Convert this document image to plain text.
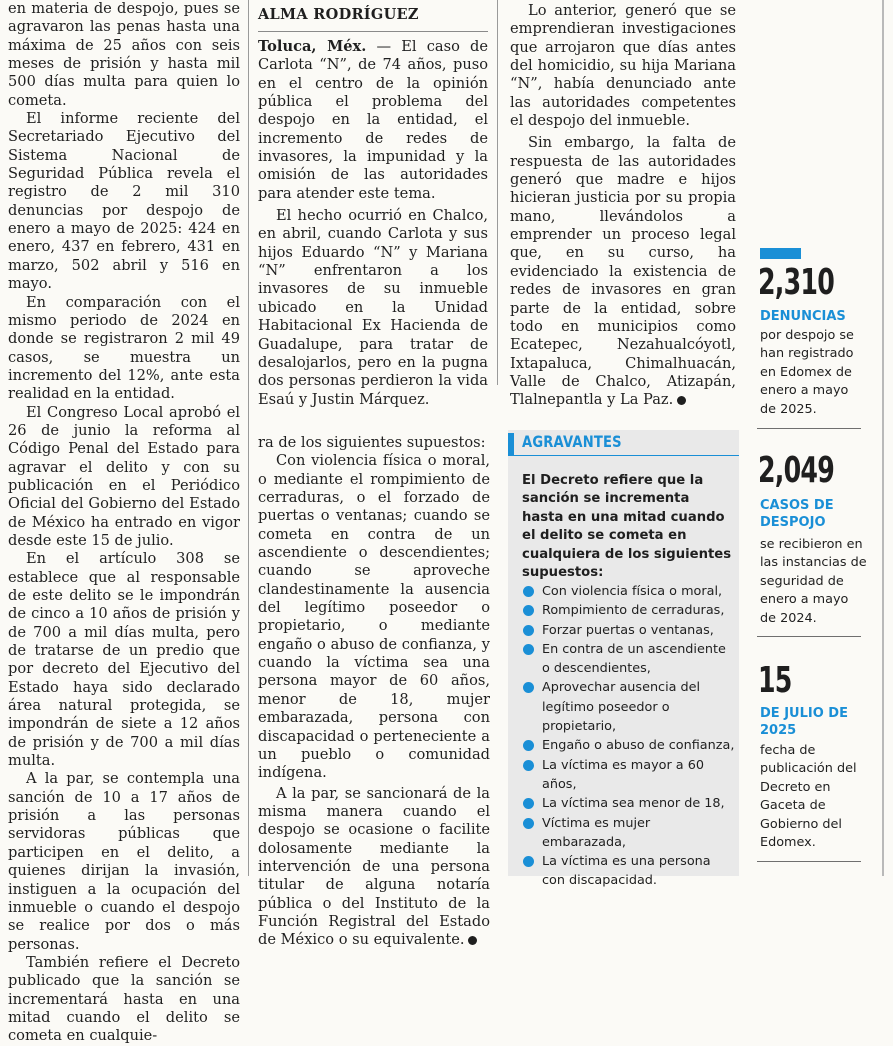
en materia de despojo, pues se agravaron las penas hasta una máxima de 25 años con seis meses de prisión y hasta mil 500 días multa para quien lo cometa.

El informe reciente del Secretariado Ejecutivo del Sistema Nacional de Seguridad Pública revela el registro de 2 mil 310 denuncias por despojo de enero a mayo de 2025: 424 en enero, 437 en febrero, 431 en marzo, 502 abril y 516 en mayo.

En comparación con el mismo periodo de 2024 en donde se registraron 2 mil 49 casos, se muestra un incremento del 12%, ante esta realidad en la entidad.

El Congreso Local aprobó el 26 de junio la reforma al Código Penal del Estado para agravar el delito y con su publicación en el Periódico Oficial del Gobierno del Estado de México ha entrado en vigor desde este 15 de julio.

En el artículo 308 se establece que al responsable de este delito se le impondrán de cinco a 10 años de prisión y de 700 a mil días multa, pero de tratarse de un predio que por decreto del Ejecutivo del Estado haya sido declarado área natural protegida, se impondrán de siete a 12 años de prisión y de 700 a mil días multa.

A la par, se contempla una sanción de 10 a 17 años de prisión a las personas servidoras públicas que participen en el delito, a quienes dirijan la invasión, instiguen a la ocupación del inmueble o cuando el despojo se realice por dos o más personas.

También refiere el Decreto publicado que la sanción se incrementará hasta en una mitad cuando el delito se cometa en cualquie-

ALMA RODRÍGUEZ

Toluca, Méx. — El caso de Carlota “N”, de 74 años, puso en el centro de la opinión pública el problema del despojo en la entidad, el incremento de redes de invasores, la impunidad y la omisión de las autoridades para atender este tema.

El hecho ocurrió en Chalco, en abril, cuando Carlota y sus hijos Eduardo “N” y Mariana “N” enfrentaron a los invasores de su inmueble ubicado en la Unidad Habitacional Ex Hacienda de Guadalupe, para tratar de desalojarlos, pero en la pugna dos personas perdieron la vida Esaú y Justin Márquez.

Lo anterior, generó que se emprendieran investigaciones que arrojaron que días antes del homicidio, su hija Mariana “N”, había denunciado ante las autoridades competentes el despojo del inmueble.

Sin embargo, la falta de respuesta de las autoridades generó que madre e hijos hicieran justicia por su propia mano, llevándolos a emprender un proceso legal que, en su curso, ha evidenciado la existencia de redes de invasores en gran parte de la entidad, sobre todo en municipios como Ecatepec, Nezahualcóyotl, Ixtapaluca, Chimalhuacán, Valle de Chalco, Atizapán, Tlalnepantla y La Paz.

ra de los siguientes supuestos:

Con violencia física o moral, o mediante el rompimiento de cerraduras, o el forzado de puertas o ventanas; cuando se cometa en contra de un ascendiente o descendientes; cuando se aproveche clandestinamente la ausencia del legítimo poseedor o propietario, o mediante engaño o abuso de confianza, y cuando la víctima sea una persona mayor de 60 años, menor de 18, mujer embarazada, persona con discapacidad o perteneciente a un pueblo o comunidad indígena.

A la par, se sancionará de la misma manera cuando el despojo se ocasione o facilite dolosamente mediante la intervención de una persona titular de alguna notaría pública o del Instituto de la Función Registral del Estado de México o su equivalente.

AGRAVANTES
El Decreto refiere que la sanción se incrementa hasta en una mitad cuando el delito se cometa en cualquiera de los siguientes supuestos:
Con violencia física o moral,
Rompimiento de cerraduras,
Forzar puertas o ventanas,
En contra de un ascendiente o descendientes,
Aprovechar ausencia del legítimo poseedor o propietario,
Engaño o abuso de confianza,
La víctima es mayor a 60 años,
La víctima sea menor de 18,
Víctima es mujer embarazada,
La víctima es una persona con discapacidad.
2,310
DENUNCIAS
por despojo se han registrado en Edomex de enero a mayo de 2025.
2,049
CASOS DE DESPOJO
se recibieron en las instancias de seguridad de enero a mayo de 2024.
15
DE JULIO DE 2025
fecha de publicación del Decreto en Gaceta de Gobierno del Edomex.
